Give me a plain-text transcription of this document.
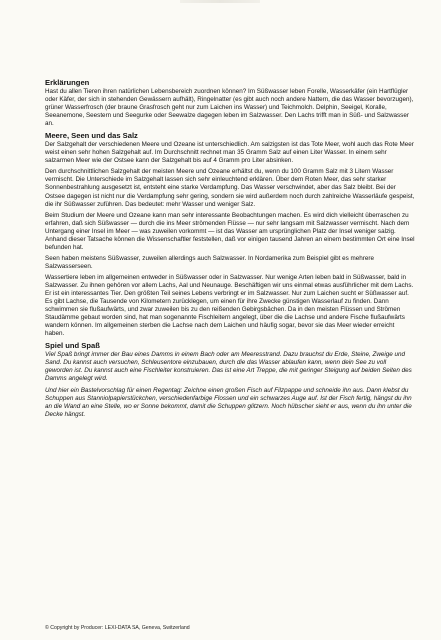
Erklärungen

Hast du allen Tieren ihren natürlichen Lebensbereich zuordnen können? Im Süßwasser leben Forelle, Wasserkäfer (ein Hartflügler oder Käfer, der sich in stehenden Gewässern aufhält), Ringelnatter (es gibt auch noch andere Nattern, die das Wasser bevorzugen), grüner Wasserfrosch (der braune Grasfrosch geht nur zum Laichen ins Wasser) und Teichmolch. Delphin, Seeigel, Koralle, Seeanemone, Seestern und Seegurke oder Seewalze dagegen leben im Salzwasser. Den Lachs trifft man in Süß- und Salzwasser an.

Meere, Seen und das Salz

Der Salzgehalt der verschiedenen Meere und Ozeane ist unterschiedlich. Am salzigsten ist das Tote Meer, wohl auch das Rote Meer weist einen sehr hohen Salzgehalt auf. Im Durchschnitt rechnet man 35 Gramm Salz auf einen Liter Wasser. In einem sehr salzarmen Meer wie der Ostsee kann der Salzgehalt bis auf 4 Gramm pro Liter absinken.

Den durchschnittlichen Salzgehalt der meisten Meere und Ozeane erhältst du, wenn du 100 Gramm Salz mit 3 Litern Wasser vermischt. Die Unterschiede im Salzgehalt lassen sich sehr einleuchtend erklären. Über dem Roten Meer, das sehr starker Sonnenbestrahlung ausgesetzt ist, entsteht eine starke Verdampfung. Das Wasser verschwindet, aber das Salz bleibt. Bei der Ostsee dagegen ist nicht nur die Verdampfung sehr gering, sondern sie wird außerdem noch durch zahlreiche Wasserläufe gespeist, die ihr Süßwasser zuführen. Das bedeutet: mehr Wasser und weniger Salz.

Beim Studium der Meere und Ozeane kann man sehr interessante Beobachtungen machen. Es wird dich vielleicht überraschen zu erfahren, daß sich Süßwasser — durch die ins Meer strömenden Flüsse — nur sehr langsam mit Salzwasser vermischt. Nach dem Untergang einer Insel im Meer — was zuweilen vorkommt — ist das Wasser am ursprünglichen Platz der Insel weniger salzig. Anhand dieser Tatsache können die Wissenschaftler feststellen, daß vor einigen tausend Jahren an einem bestimmten Ort eine Insel befunden hat.

Seen haben meistens Süßwasser, zuweilen allerdings auch Salzwasser. In Nordamerika zum Beispiel gibt es mehrere Salzwasserseen.

Wassertiere leben im allgemeinen entweder in Süßwasser oder in Salzwasser. Nur wenige Arten leben bald in Süßwasser, bald in Salzwasser. Zu ihnen gehören vor allem Lachs, Aal und Neunauge. Beschäftigen wir uns einmal etwas ausführlicher mit dem Lachs. Er ist ein interessantes Tier. Den größten Teil seines Lebens verbringt er im Salzwasser. Nur zum Laichen sucht er Süßwasser auf. Es gibt Lachse, die Tausende von Kilometern zurücklegen, um einen für ihre Zwecke günstigen Wasserlauf zu finden. Dann schwimmen sie flußaufwärts, und zwar zuweilen bis zu den reißenden Gebirgsbächen. Da in den meisten Flüssen und Strömen Staudämme gebaut worden sind, hat man sogenannte Fischleitern angelegt, über die die Lachse und andere Fische flußaufwärts wandern können. Im allgemeinen sterben die Lachse nach dem Laichen und häufig sogar, bevor sie das Meer wieder erreicht haben.

Spiel und Spaß

Viel Spaß bringt immer der Bau eines Damms in einem Bach oder am Meeresstrand. Dazu brauchst du Erde, Steine, Zweige und Sand. Du kannst auch versuchen, Schleusentore einzubauen, durch die das Wasser ablaufen kann, wenn dein See zu voll geworden ist. Du kannst auch eine Fischleiter konstruieren. Das ist eine Art Treppe, die mit geringer Steigung auf beiden Seiten des Damms angelegt wird.

Und hier ein Bastelvorschlag für einen Regentag: Zeichne einen großen Fisch auf Filzpappe und schneide ihn aus. Dann klebst du Schuppen aus Stanniolpapierstückchen, verschiedenfarbige Flossen und ein schwarzes Auge auf. Ist der Fisch fertig, hängst du ihn an die Wand an eine Stelle, wo er Sonne bekommt, damit die Schuppen glitzern. Noch hübscher sieht er aus, wenn du ihn unter die Decke hängst.

© Copyright by Producer: LEXI-DATA SA, Geneva, Switzerland
